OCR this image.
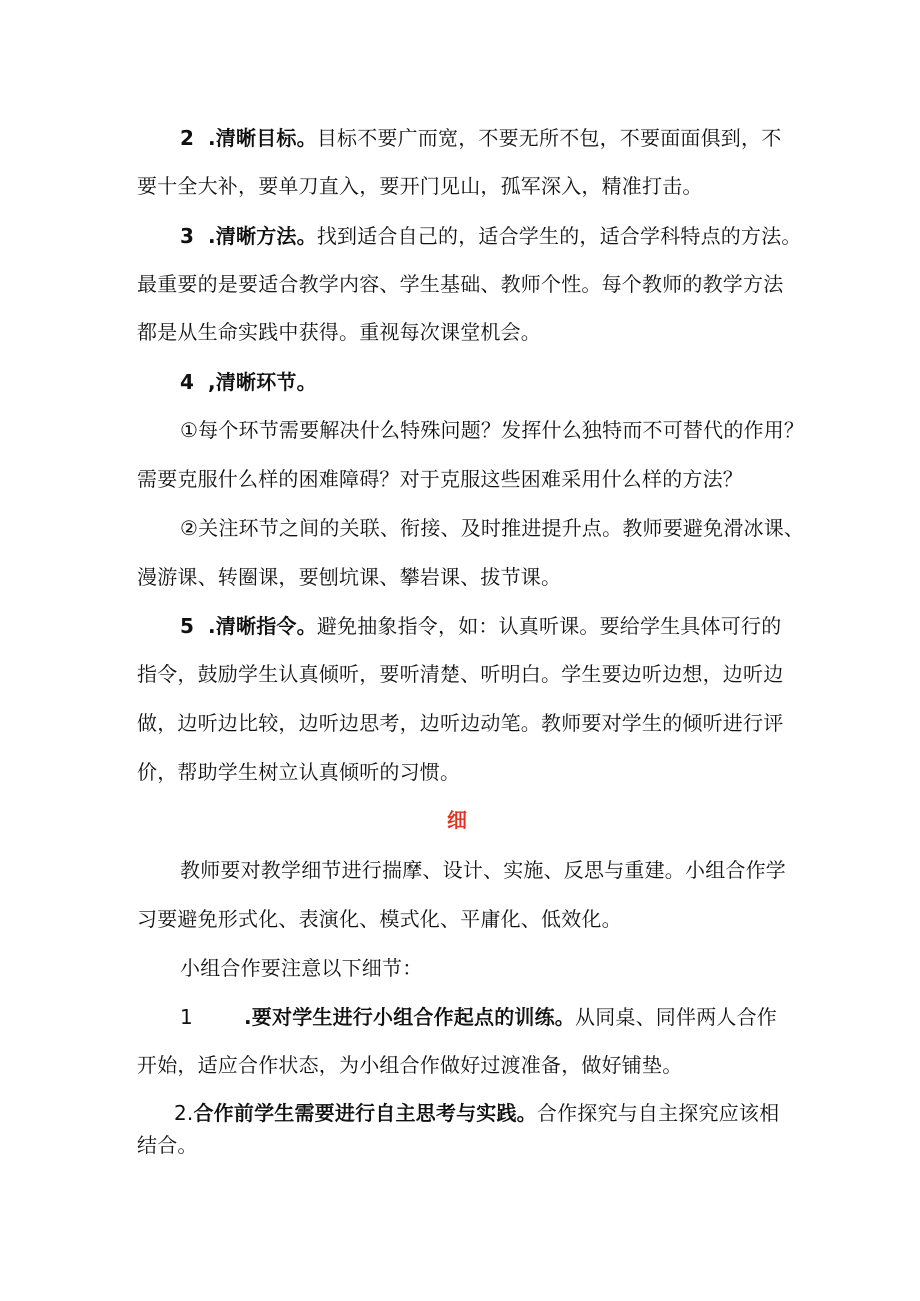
2 .清晰目标。目标不要广而宽，不要无所不包，不要面面俱到，不
要十全大补，要单刀直入，要开门见山，孤军深入，精准打击。
3 .清晰方法。找到适合自己的，适合学生的，适合学科特点的方法。
最重要的是要适合教学内容、学生基础、教师个性。每个教师的教学方法
都是从生命实践中获得。重视每次课堂机会。
4 ,清晰环节。
①每个环节需要解决什么特殊问题？发挥什么独特而不可替代的作用？
需要克服什么样的困难障碍？对于克服这些困难采用什么样的方法？
②关注环节之间的关联、衔接、及时推进提升点。教师要避免滑冰课、
漫游课、转圈课，要刨坑课、攀岩课、拔节课。
5 .清晰指令。避免抽象指令，如：认真听课。要给学生具体可行的
指令，鼓励学生认真倾听，要听清楚、听明白。学生要边听边想，边听边
做，边听边比较，边听边思考，边听边动笔。教师要对学生的倾听进行评
价，帮助学生树立认真倾听的习惯。
细
教师要对教学细节进行揣摩、设计、实施、反思与重建。小组合作学
习要避免形式化、表演化、模式化、平庸化、低效化。
小组合作要注意以下细节：
1	.要对学生进行小组合作起点的训练。从同桌、同伴两人合作
开始，适应合作状态，为小组合作做好过渡准备，做好铺垫。
2.合作前学生需要进行自主思考与实践。合作探究与自主探究应该相
结合。
